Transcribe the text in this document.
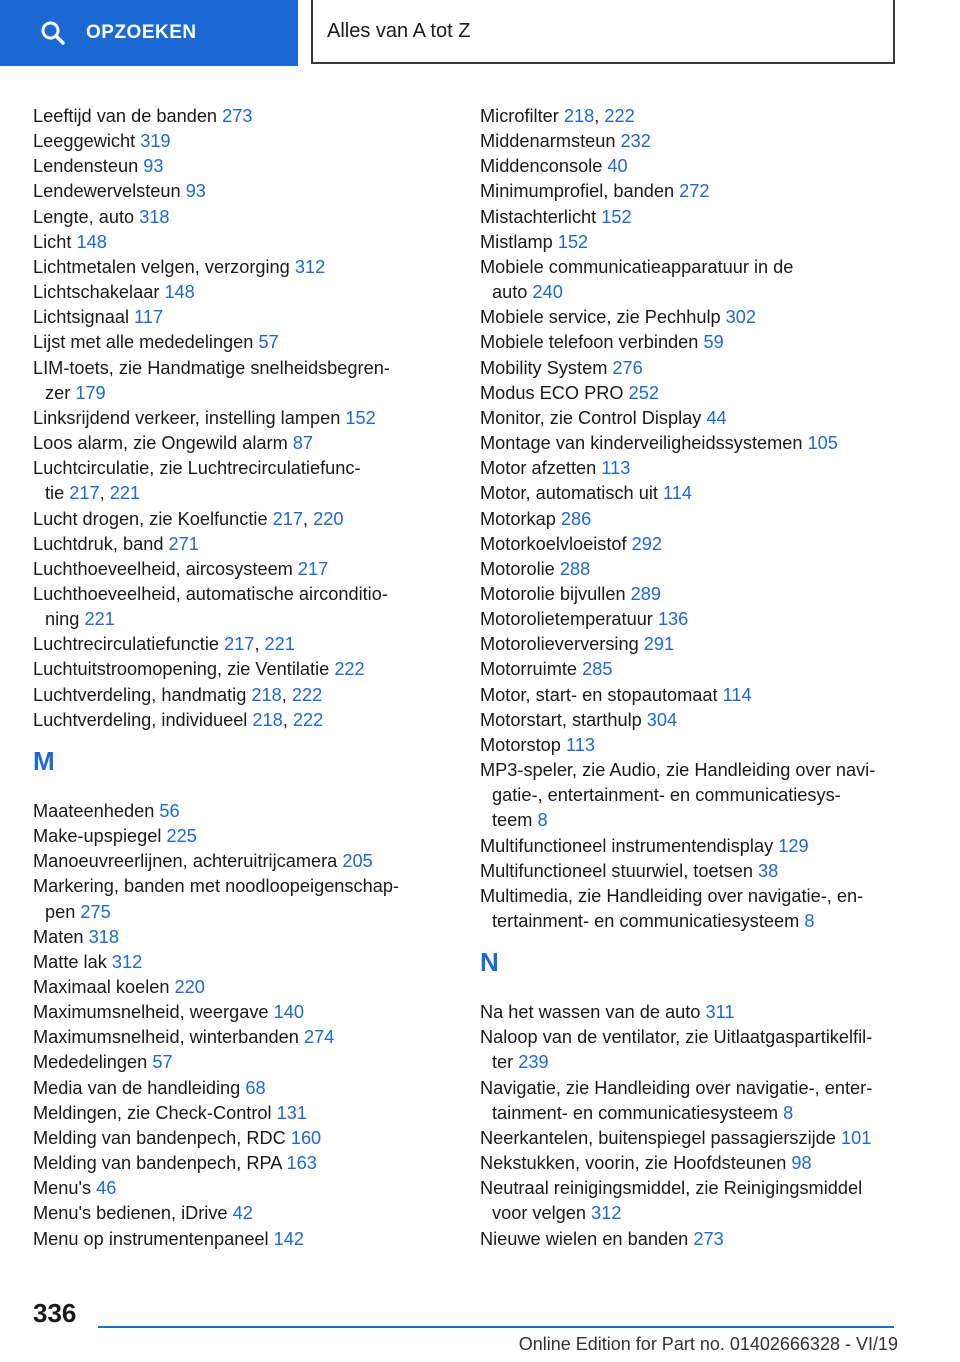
OPZOEKEN	Alles van A tot Z
Leeftijd van de banden 273
Leeggewicht 319
Lendensteun 93
Lendewervelsteun 93
Lengte, auto 318
Licht 148
Lichtmetalen velgen, verzorging 312
Lichtschakelaar 148
Lichtsignaal 117
Lijst met alle mededelingen 57
LIM-toets, zie Handmatige snelheidsbegren-
zer 179
Linksrijdend verkeer, instelling lampen 152
Loos alarm, zie Ongewild alarm 87
Luchtcirculatie, zie Luchtrecirculatiefunc-
tie 217, 221
Lucht drogen, zie Koelfunctie 217, 220
Luchtdruk, band 271
Luchthoeveelheid, aircosysteem 217
Luchthoeveelheid, automatische airconditio-
ning 221
Luchtrecirculatiefunctie 217, 221
Luchtuitstroomopening, zie Ventilatie 222
Luchtverdeling, handmatig 218, 222
Luchtverdeling, individueel 218, 222
M
Maateenheden 56
Make-upspiegel 225
Manoeuvreerlijnen, achteruitrijcamera 205
Markering, banden met noodloopeigenschap-
pen 275
Maten 318
Matte lak 312
Maximaal koelen 220
Maximumsnelheid, weergave 140
Maximumsnelheid, winterbanden 274
Mededelingen 57
Media van de handleiding 68
Meldingen, zie Check-Control 131
Melding van bandenpech, RDC 160
Melding van bandenpech, RPA 163
Menu's 46
Menu's bedienen, iDrive 42
Menu op instrumentenpaneel 142
Microfilter 218, 222
Middenarmsteun 232
Middenconsole 40
Minimumprofiel, banden 272
Mistachterlicht 152
Mistlamp 152
Mobiele communicatieapparatuur in de
auto 240
Mobiele service, zie Pechhulp 302
Mobiele telefoon verbinden 59
Mobility System 276
Modus ECO PRO 252
Monitor, zie Control Display 44
Montage van kinderveiligheidssystemen 105
Motor afzetten 113
Motor, automatisch uit 114
Motorkap 286
Motorkoelvloeistof 292
Motorolie 288
Motorolie bijvullen 289
Motorolietemperatuur 136
Motorolieverversing 291
Motorruimte 285
Motor, start- en stopautomaat 114
Motorstart, starthulp 304
Motorstop 113
MP3-speler, zie Audio, zie Handleiding over navi-
gatie-, entertainment- en communicatiesys-
teem 8
Multifunctioneel instrumentendisplay 129
Multifunctioneel stuurwiel, toetsen 38
Multimedia, zie Handleiding over navigatie-, en-
tertainment- en communicatiesysteem 8
N
Na het wassen van de auto 311
Naloop van de ventilator, zie Uitlaatgaspartikelfil-
ter 239
Navigatie, zie Handleiding over navigatie-, enter-
tainment- en communicatiesysteem 8
Neerkantelen, buitenspiegel passagierszijde 101
Nekstukken, voorin, zie Hoofdsteunen 98
Neutraal reinigingsmiddel, zie Reinigingsmiddel
voor velgen 312
Nieuwe wielen en banden 273
336
Online Edition for Part no. 01402666328 - VI/19
